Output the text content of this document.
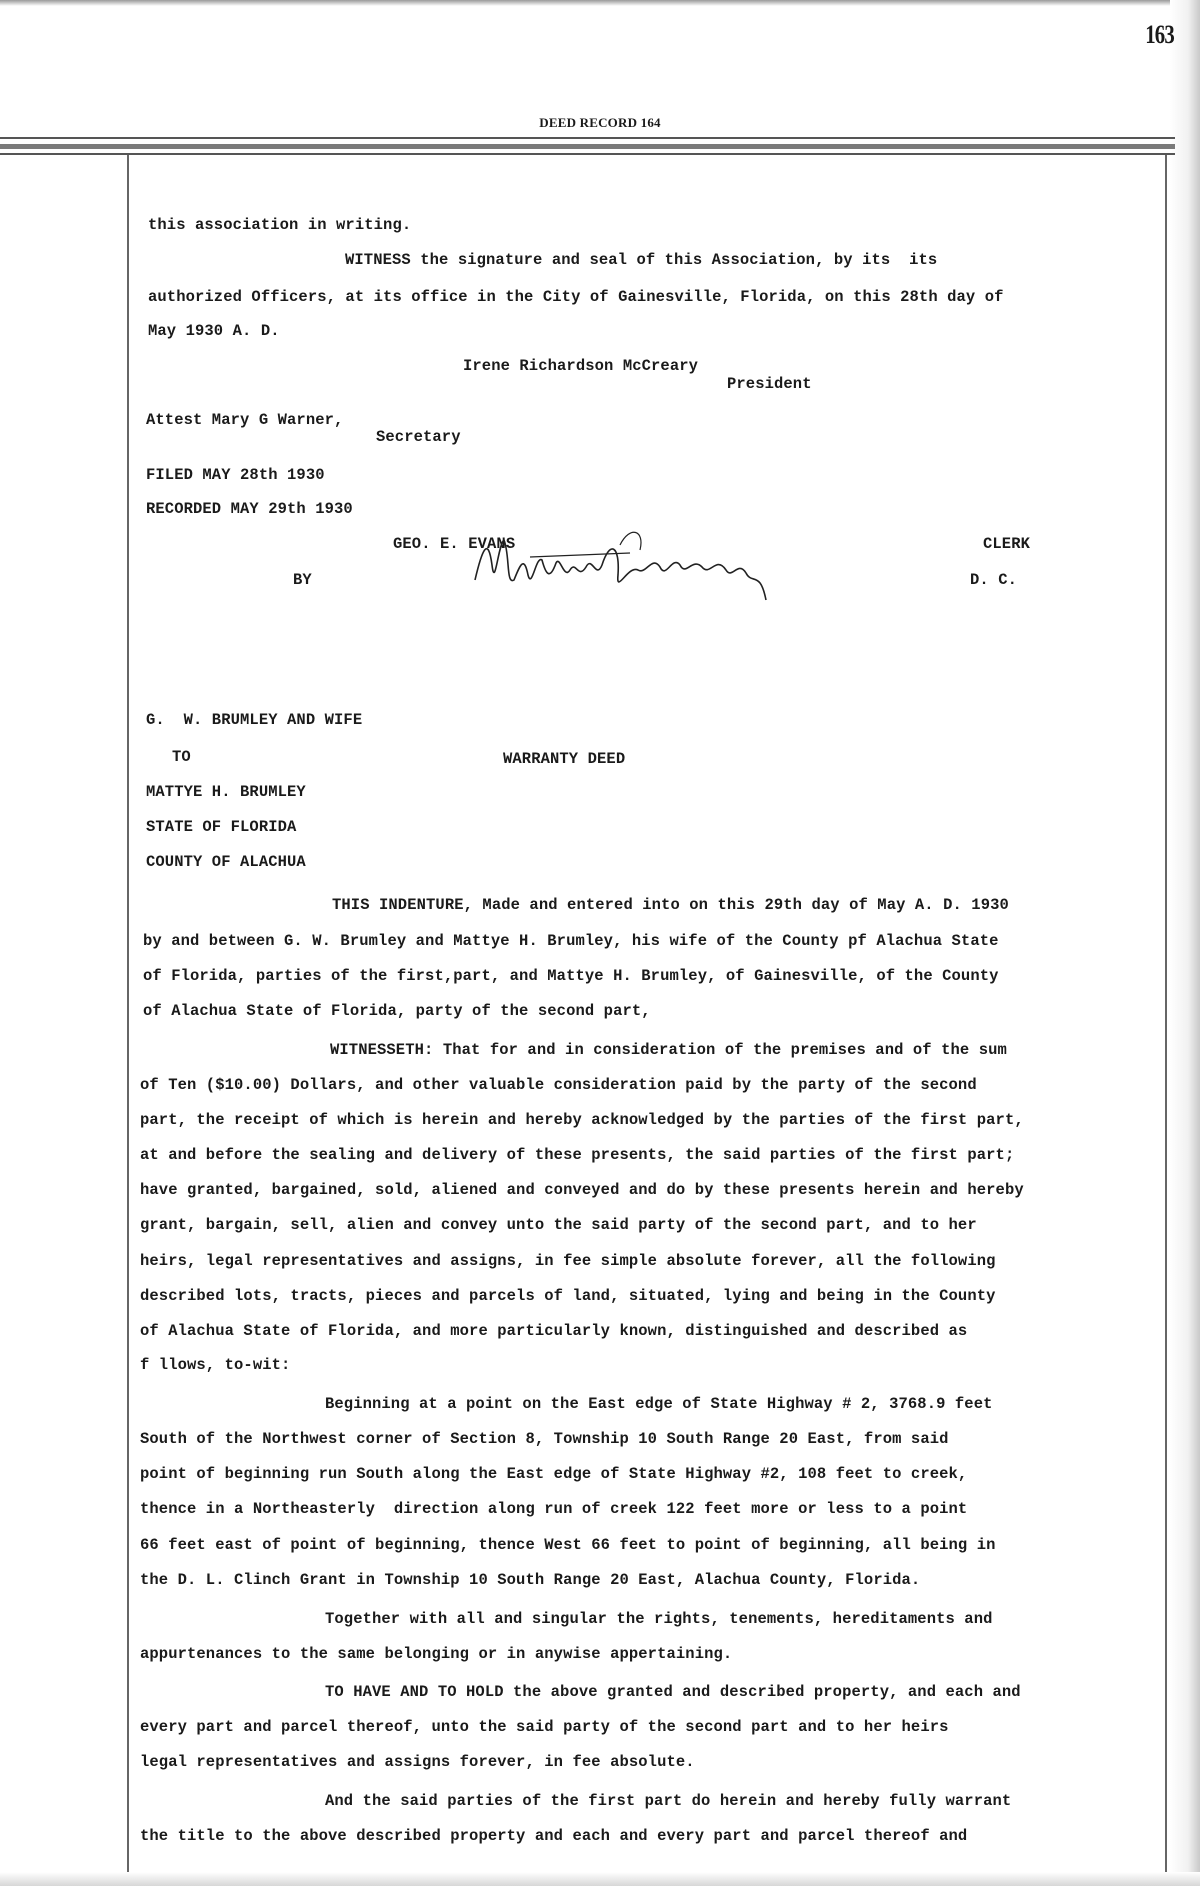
163
DEED RECORD 164
this association in writing.
WITNESS the signature and seal of this Association, by its  its
authorized Officers, at its office in the City of Gainesville, Florida, on this 28th day of
May 1930 A. D.
Irene Richardson McCreary
President
Attest Mary G Warner,
Secretary
FILED MAY 28th 1930
RECORDED MAY 29th 1930
GEO. E. EVANS	CLERK
BY	D. C.
G.  W. BRUMLEY AND WIFE
TO	WARRANTY DEED
MATTYE H. BRUMLEY
STATE OF FLORIDA
COUNTY OF ALACHUA
THIS INDENTURE, Made and entered into on this 29th day of May A. D. 1930
by and between G. W. Brumley and Mattye H. Brumley, his wife of the County pf Alachua State
of Florida, parties of the first,part, and Mattye H. Brumley, of Gainesville, of the County
of Alachua State of Florida, party of the second part,
WITNESSETH: That for and in consideration of the premises and of the sum
of Ten ($10.00) Dollars, and other valuable consideration paid by the party of the second
part, the receipt of which is herein and hereby acknowledged by the parties of the first part,
at and before the sealing and delivery of these presents, the said parties of the first part;
have granted, bargained, sold, aliened and conveyed and do by these presents herein and hereby
grant, bargain, sell, alien and convey unto the said party of the second part, and to her
heirs, legal representatives and assigns, in fee simple absolute forever, all the following
described lots, tracts, pieces and parcels of land, situated, lying and being in the County
of Alachua State of Florida, and more particularly known, distinguished and described as
f llows, to-wit:
Beginning at a point on the East edge of State Highway # 2, 3768.9 feet
South of the Northwest corner of Section 8, Township 10 South Range 20 East, from said
point of beginning run South along the East edge of State Highway #2, 108 feet to creek,
thence in a Northeasterly  direction along run of creek 122 feet more or less to a point
66 feet east of point of beginning, thence West 66 feet to point of beginning, all being in
the D. L. Clinch Grant in Township 10 South Range 20 East, Alachua County, Florida.
Together with all and singular the rights, tenements, hereditaments and
appurtenances to the same belonging or in anywise appertaining.
TO HAVE AND TO HOLD the above granted and described property, and each and
every part and parcel thereof, unto the said party of the second part and to her heirs
legal representatives and assigns forever, in fee absolute.
And the said parties of the first part do herein and hereby fully warrant
the title to the above described property and each and every part and parcel thereof and
